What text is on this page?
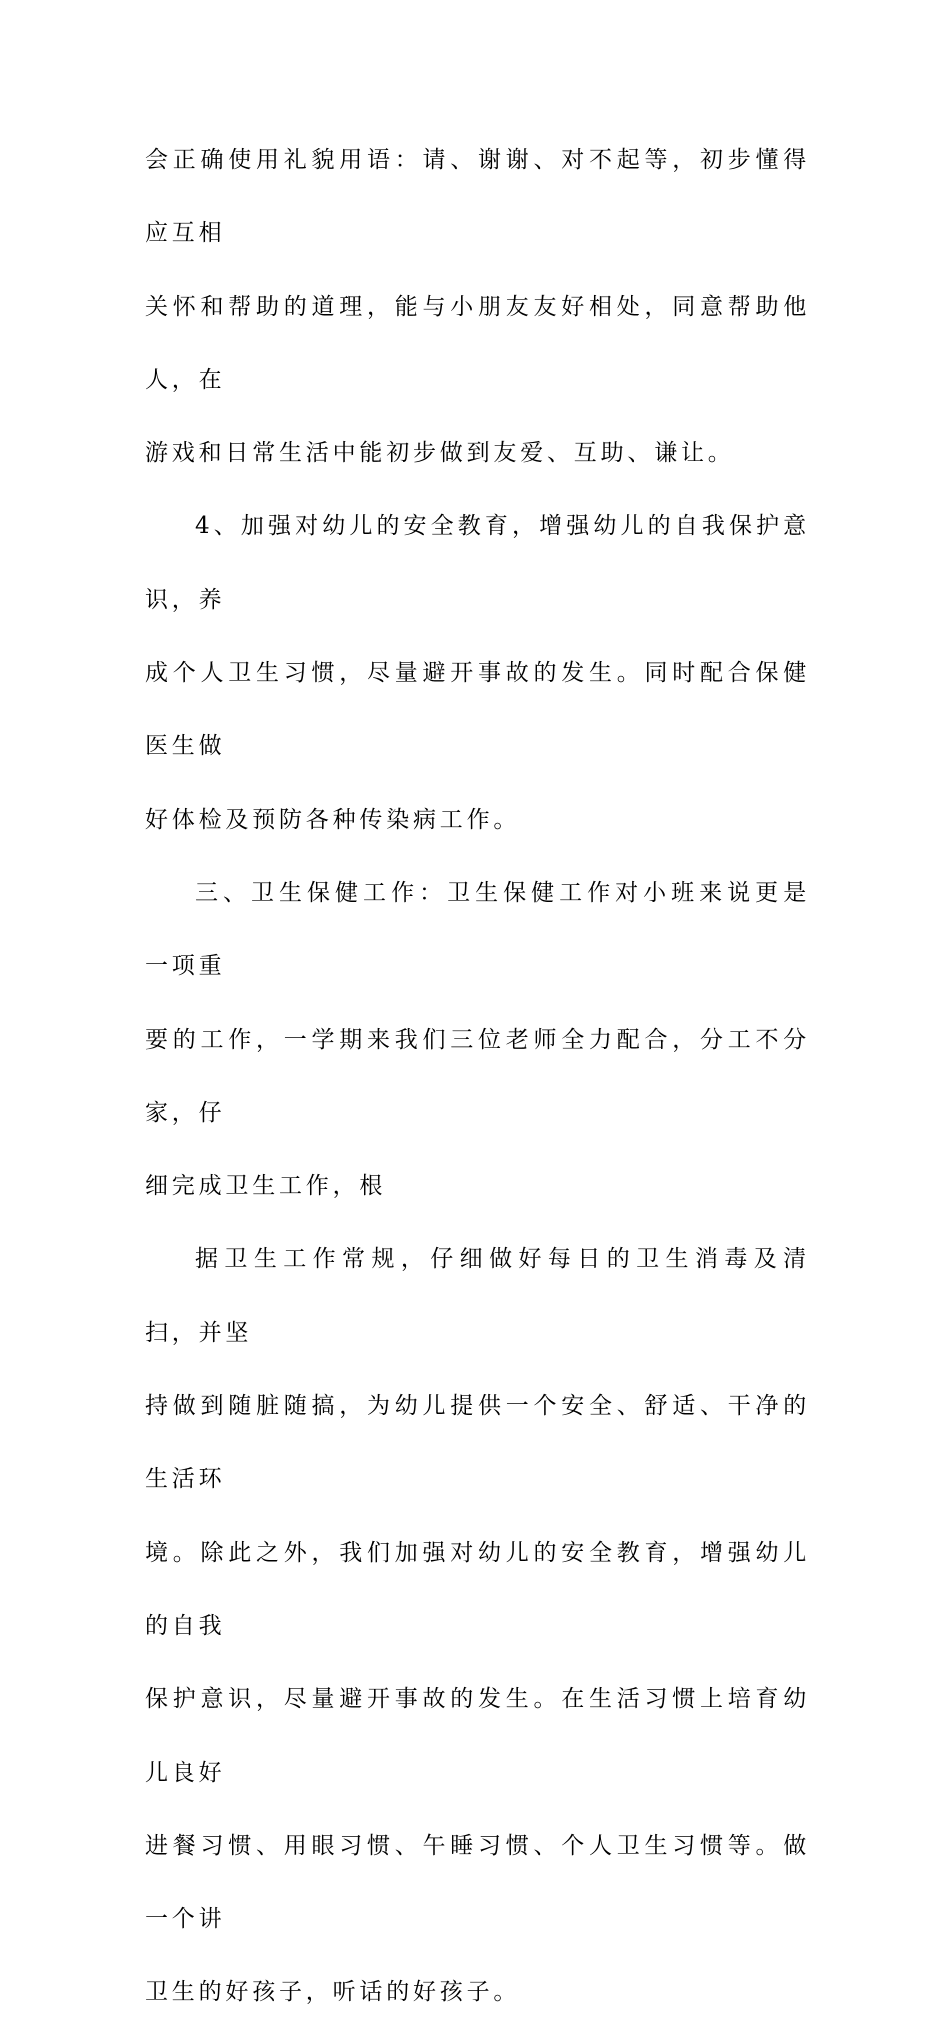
会正确使用礼貌用语：请、谢谢、对不起等，初步懂得应互相
关怀和帮助的道理，能与小朋友友好相处，同意帮助他人，在
游戏和日常生活中能初步做到友爱、互助、谦让。

4、加强对幼儿的安全教育，增强幼儿的自我保护意识，养
成个人卫生习惯，尽量避开事故的发生。同时配合保健医生做
好体检及预防各种传染病工作。

三、卫生保健工作：卫生保健工作对小班来说更是一项重
要的工作，一学期来我们三位老师全力配合，分工不分家，仔
细完成卫生工作，根

据卫生工作常规，仔细做好每日的卫生消毒及清扫，并坚
持做到随脏随搞，为幼儿提供一个安全、舒适、干净的生活环
境。除此之外，我们加强对幼儿的安全教育，增强幼儿的自我
保护意识，尽量避开事故的发生。在生活习惯上培育幼儿良好
进餐习惯、用眼习惯、午睡习惯、个人卫生习惯等。做一个讲
卫生的好孩子，听话的好孩子。
